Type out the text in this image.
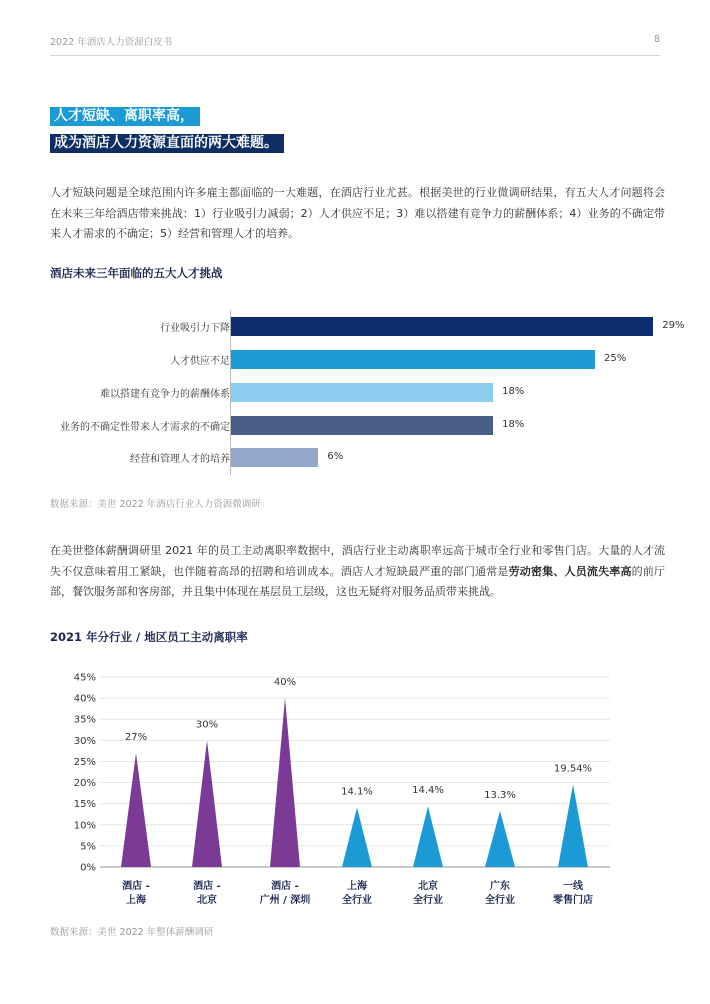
2022 年酒店人力资源白皮书	8
人才短缺、离职率高，
成为酒店人力资源直面的两大难题。

人才短缺问题是全球范围内许多雇主都面临的一大难题，在酒店行业尤甚。根据美世的行业微调研结果，有五大人才问题将会在未来三年给酒店带来挑战：1）行业吸引力减弱；2）人才供应不足；3）难以搭建有竞争力的薪酬体系；4）业务的不确定带来人才需求的不确定；5）经营和管理人才的培养。

酒店未来三年面临的五大人才挑战
行业吸引力下降	29%
人才供应不足	25%
难以搭建有竞争力的薪酬体系	18%
业务的不确定性带来人才需求的不确定	18%
经营和管理人才的培养	6%
数据来源：美世 2022 年酒店行业人力资源微调研

在美世整体薪酬调研里 2021 年的员工主动离职率数据中，酒店行业主动离职率远高于城市全行业和零售门店。大量的人才流失不仅意味着用工紧缺，也伴随着高昂的招聘和培训成本。酒店人才短缺最严重的部门通常是劳动密集、人员流失率高的前厅部，餐饮服务部和客房部，并且集中体现在基层员工层级，这也无疑将对服务品质带来挑战。

2021 年分行业 / 地区员工主动离职率
0%
5%
10%
15%
20%
25%
30%
35%
40%
45%
27%
酒店 -
上海
30%
酒店 -
北京
40%
酒店 -
广州 / 深圳
14.1%
上海
全行业
14.4%
北京
全行业
13.3%
广东
全行业
19.54%
一线
零售门店
数据来源：美世 2022 年整体薪酬调研
